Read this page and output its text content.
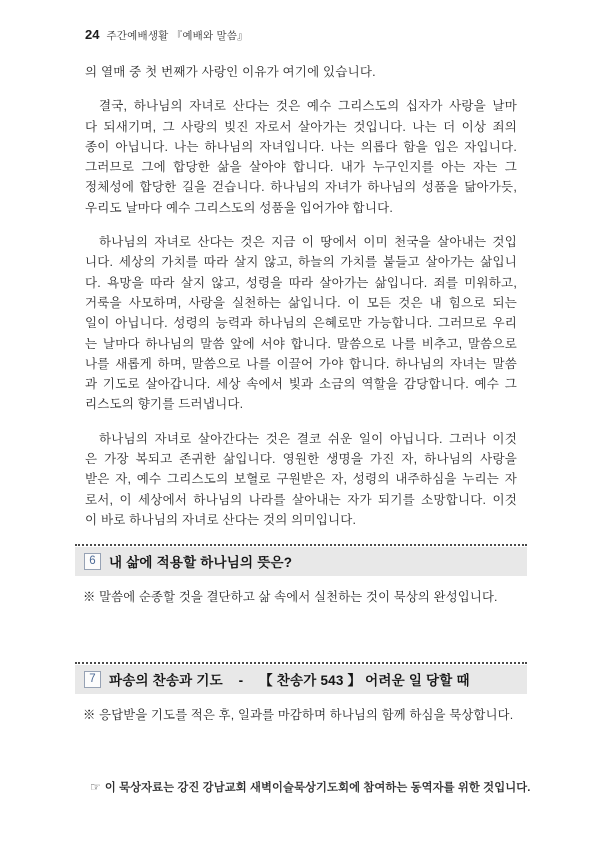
24 주간예배생활 『예배와 말씀』
의 열매 중 첫 번째가 사랑인 이유가 여기에 있습니다.
결국, 하나님의 자녀로 산다는 것은 예수 그리스도의 십자가 사랑을 날마
다 되새기며, 그 사랑의 빚진 자로서 살아가는 것입니다. 나는 더 이상 죄의
종이 아닙니다. 나는 하나님의 자녀입니다. 나는 의롭다 함을 입은 자입니다.
그러므로 그에 합당한 삶을 살아야 합니다. 내가 누구인지를 아는 자는 그
정체성에 합당한 길을 걷습니다. 하나님의 자녀가 하나님의 성품을 닮아가듯,
우리도 날마다 예수 그리스도의 성품을 입어가야 합니다.
하나님의 자녀로 산다는 것은 지금 이 땅에서 이미 천국을 살아내는 것입
니다. 세상의 가치를 따라 살지 않고, 하늘의 가치를 붙들고 살아가는 삶입니
다. 욕망을 따라 살지 않고, 성령을 따라 살아가는 삶입니다. 죄를 미워하고,
거룩을 사모하며, 사랑을 실천하는 삶입니다. 이 모든 것은 내 힘으로 되는
일이 아닙니다. 성령의 능력과 하나님의 은혜로만 가능합니다. 그러므로 우리
는 날마다 하나님의 말씀 앞에 서야 합니다. 말씀으로 나를 비추고, 말씀으로
나를 새롭게 하며, 말씀으로 나를 이끌어 가야 합니다. 하나님의 자녀는 말씀
과 기도로 살아갑니다. 세상 속에서 빛과 소금의 역할을 감당합니다. 예수 그
리스도의 향기를 드러냅니다.
하나님의 자녀로 살아간다는 것은 결코 쉬운 일이 아닙니다. 그러나 이것
은 가장 복되고 존귀한 삶입니다. 영원한 생명을 가진 자, 하나님의 사랑을
받은 자, 예수 그리스도의 보혈로 구원받은 자, 성령의 내주하심을 누리는 자
로서, 이 세상에서 하나님의 나라를 살아내는 자가 되기를 소망합니다. 이것
이 바로 하나님의 자녀로 산다는 것의 의미입니다.
6 내 삶에 적용할 하나님의 뜻은?
※ 말씀에 순종할 것을 결단하고 삶 속에서 실천하는 것이 묵상의 완성입니다.
7 파송의 찬송과 기도    -    【 찬송가 543 】 어려운 일 당할 때
※ 응답받을 기도를 적은 후, 일과를 마감하며 하나님의 함께 하심을 묵상합니다.
☞ 이 묵상자료는 강진 강남교회 새벽이슬묵상기도회에 참여하는 동역자를 위한 것입니다.
